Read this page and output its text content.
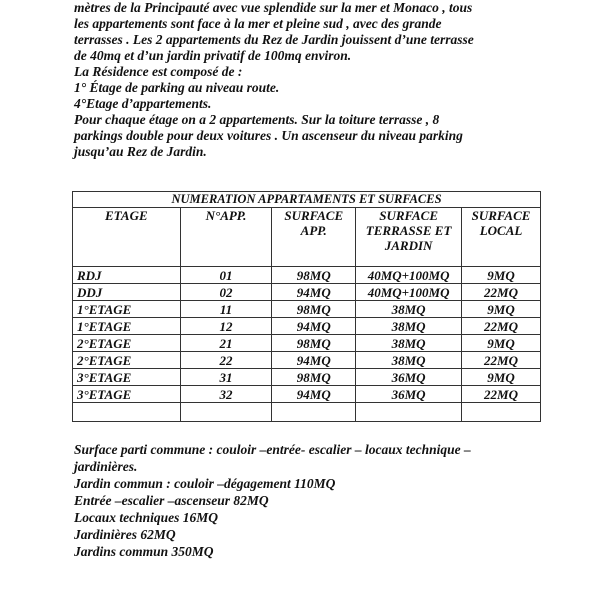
mètres de la Principauté avec vue splendide sur la mer et Monaco , tous

les appartements sont face à la mer et pleine sud , avec des grande

terrasses . Les 2 appartements du Rez de Jardin jouissent d’une terrasse

de 40mq et d’un jardin privatif de 100mq environ.

La Résidence est composé de :

1° Étage de parking au niveau route.

4°Etage d’appartements.

Pour chaque étage on a 2 appartements. Sur la toiture terrasse , 8

parkings double pour deux voitures . Un ascenseur du niveau parking

jusqu’au Rez de Jardin.

NUMERATION APPARTAMENTS ET SURFACES				
ETAGE	N°APP.	SURFACE APP.	SURFACE TERRASSE ET JARDIN	SURFACE LOCAL
RDJ	01	98MQ	40MQ+100MQ	9MQ
DDJ	02	94MQ	40MQ+100MQ	22MQ
1°ETAGE	11	98MQ	38MQ	9MQ
1°ETAGE	12	94MQ	38MQ	22MQ
2°ETAGE	21	98MQ	38MQ	9MQ
2°ETAGE	22	94MQ	38MQ	22MQ
3°ETAGE	31	98MQ	36MQ	9MQ
3°ETAGE	32	94MQ	36MQ	22MQ

Surface parti commune : couloir –entrée- escalier – locaux technique –

jardinières.

Jardin commun : couloir –dégagement 110MQ

Entrée –escalier –ascenseur 82MQ

Locaux techniques 16MQ

Jardinières 62MQ

Jardins commun 350MQ
